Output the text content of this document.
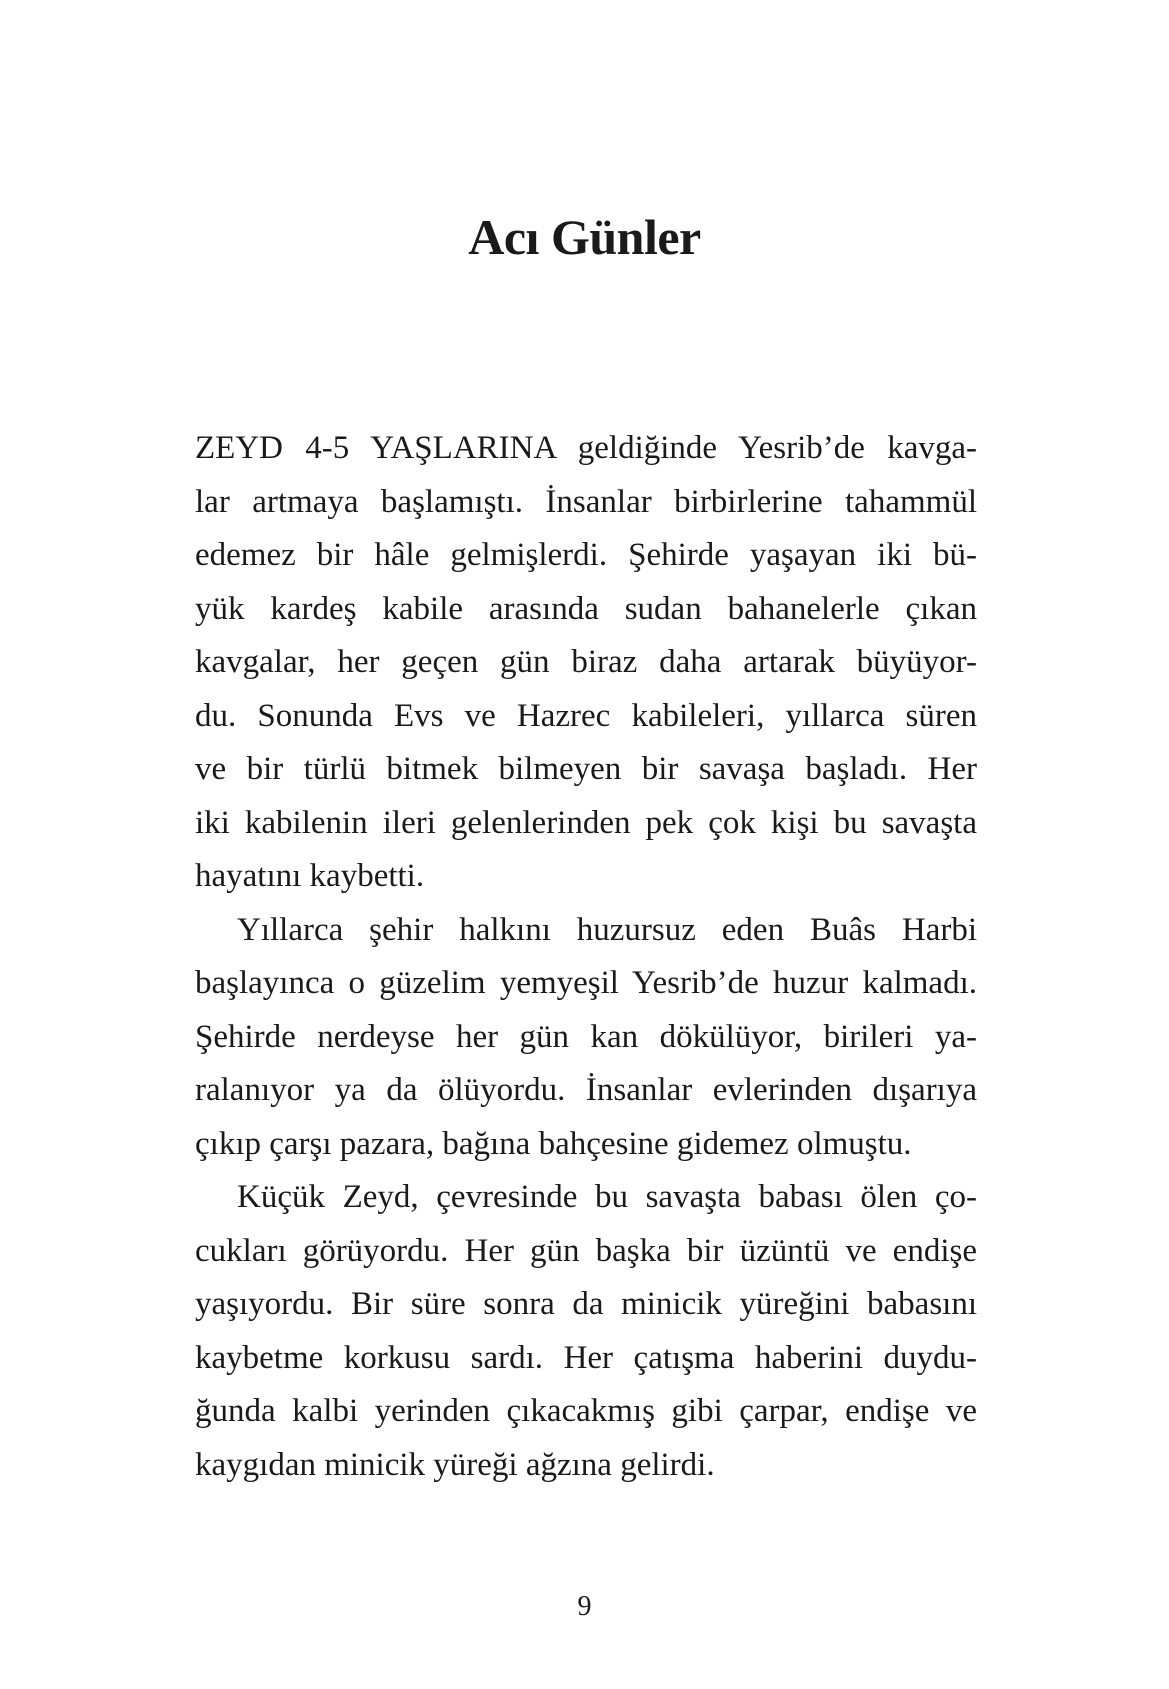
Acı Günler
ZEYD 4-5 YAŞLARINA geldiğinde Yesrib’de kavga-
lar artmaya başlamıştı. İnsanlar birbirlerine tahammül
edemez bir hâle gelmişlerdi. Şehirde yaşayan iki bü-
yük kardeş kabile arasında sudan bahanelerle çıkan
kavgalar, her geçen gün biraz daha artarak büyüyor-
du. Sonunda Evs ve Hazrec kabileleri, yıllarca süren
ve bir türlü bitmek bilmeyen bir savaşa başladı. Her
iki kabilenin ileri gelenlerinden pek çok kişi bu savaşta
hayatını kaybetti.
Yıllarca şehir halkını huzursuz eden Buâs Harbi
başlayınca o güzelim yemyeşil Yesrib’de huzur kalmadı.
Şehirde nerdeyse her gün kan dökülüyor, birileri ya-
ralanıyor ya da ölüyordu. İnsanlar evlerinden dışarıya
çıkıp çarşı pazara, bağına bahçesine gidemez olmuştu.
Küçük Zeyd, çevresinde bu savaşta babası ölen ço-
cukları görüyordu. Her gün başka bir üzüntü ve endişe
yaşıyordu. Bir süre sonra da minicik yüreğini babasını
kaybetme korkusu sardı. Her çatışma haberini duydu-
ğunda kalbi yerinden çıkacakmış gibi çarpar, endişe ve
kaygıdan minicik yüreği ağzına gelirdi.
9
